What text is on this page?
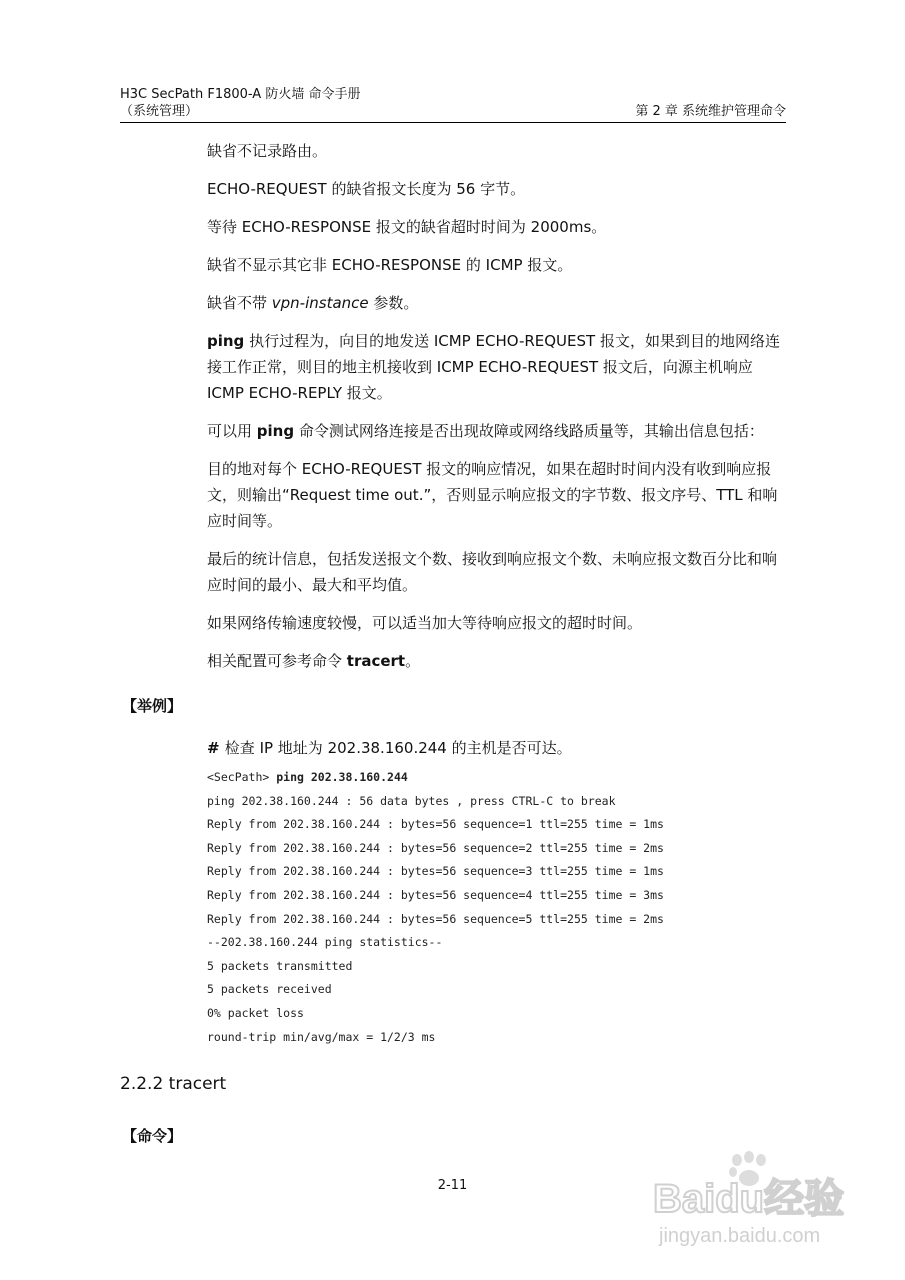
H3C SecPath F1800-A 防火墙 命令手册
（系统管理）	第 2 章 系统维护管理命令
缺省不记录路由。
ECHO-REQUEST 的缺省报文长度为 56 字节。
等待 ECHO-RESPONSE 报文的缺省超时时间为 2000ms。
缺省不显示其它非 ECHO-RESPONSE 的 ICMP 报文。
缺省不带 vpn-instance 参数。
ping 执行过程为，向目的地发送 ICMP ECHO-REQUEST 报文，如果到目的地网络连接工作正常，则目的地主机接收到 ICMP ECHO-REQUEST 报文后，向源主机响应 ICMP ECHO-REPLY 报文。
可以用 ping 命令测试网络连接是否出现故障或网络线路质量等，其输出信息包括：
目的地对每个 ECHO-REQUEST 报文的响应情况，如果在超时时间内没有收到响应报文，则输出“Request time out.”，否则显示响应报文的字节数、报文序号、TTL 和响应时间等。
最后的统计信息，包括发送报文个数、接收到响应报文个数、未响应报文数百分比和响应时间的最小、最大和平均值。
如果网络传输速度较慢，可以适当加大等待响应报文的超时时间。
相关配置可参考命令 tracert。
【举例】
# 检查 IP 地址为 202.38.160.244 的主机是否可达。
<SecPath> ping 202.38.160.244
ping 202.38.160.244 : 56 data bytes , press CTRL-C to break
Reply from 202.38.160.244 : bytes=56 sequence=1 ttl=255 time = 1ms
Reply from 202.38.160.244 : bytes=56 sequence=2 ttl=255 time = 2ms
Reply from 202.38.160.244 : bytes=56 sequence=3 ttl=255 time = 1ms
Reply from 202.38.160.244 : bytes=56 sequence=4 ttl=255 time = 3ms
Reply from 202.38.160.244 : bytes=56 sequence=5 ttl=255 time = 2ms
--202.38.160.244 ping statistics--
5 packets transmitted
5 packets received
0% packet loss
round-trip min/avg/max = 1/2/3 ms
2.2.2 tracert
【命令】
2-11	Baidu经验
jingyan.baidu.com
